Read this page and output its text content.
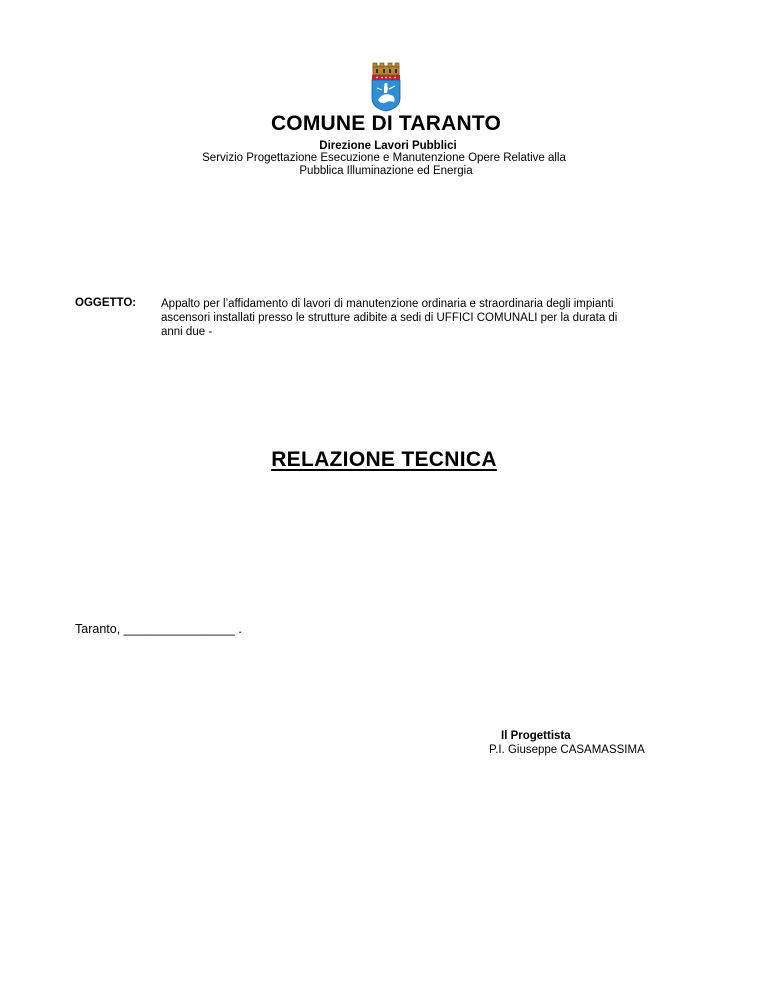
COMUNE DI TARANTO
Direzione Lavori Pubblici
Servizio Progettazione Esecuzione e Manutenzione Opere Relative alla
Pubblica Illuminazione ed Energia
OGGETTO: Appalto per l’affidamento di lavori di manutenzione ordinaria e straordinaria degli impianti
ascensori installati presso le strutture adibite a sedi di UFFICI COMUNALI per la durata di
anni due -
RELAZIONE TECNICA
Taranto, ________________ .
Il Progettista
P.I. Giuseppe CASAMASSIMA
